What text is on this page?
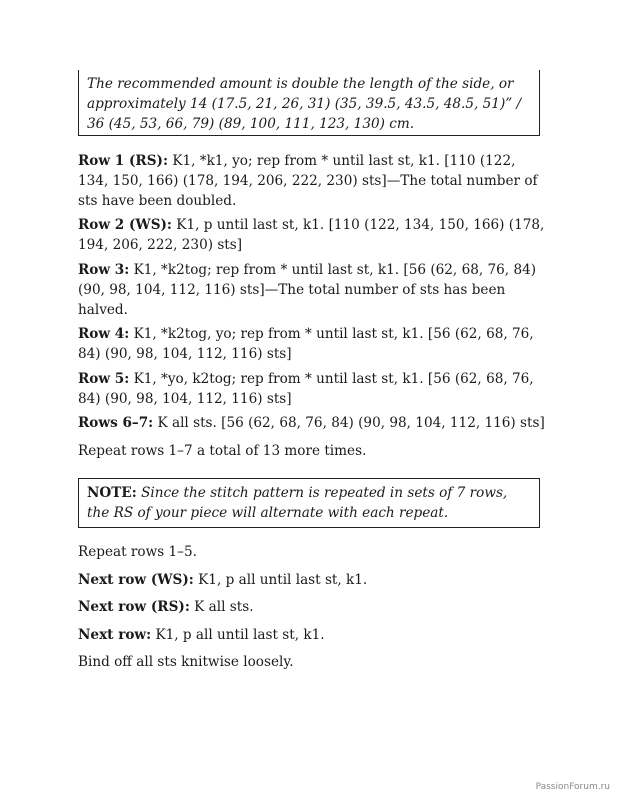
The recommended amount is double the length of the side, or approximately 14 (17.5, 21, 26, 31) (35, 39.5, 43.5, 48.5, 51)” / 36 (45, 53, 66, 79) (89, 100, 111, 123, 130) cm.

Row 1 (RS): K1, *k1, yo; rep from * until last st, k1. [110 (122, 134, 150, 166) (178, 194, 206, 222, 230) sts]—The total number of sts have been doubled.

Row 2 (WS): K1, p until last st, k1. [110 (122, 134, 150, 166) (178, 194, 206, 222, 230) sts]

Row 3: K1, *k2tog; rep from * until last st, k1. [56 (62, 68, 76, 84) (90, 98, 104, 112, 116) sts]—The total number of sts has been halved.

Row 4: K1, *k2tog, yo; rep from * until last st, k1. [56 (62, 68, 76, 84) (90, 98, 104, 112, 116) sts]

Row 5: K1, *yo, k2tog; rep from * until last st, k1. [56 (62, 68, 76, 84) (90, 98, 104, 112, 116) sts]

Rows 6–7: K all sts. [56 (62, 68, 76, 84) (90, 98, 104, 112, 116) sts]

Repeat rows 1–7 a total of 13 more times.

NOTE: Since the stitch pattern is repeated in sets of 7 rows, the RS of your piece will alternate with each repeat.

Repeat rows 1–5.

Next row (WS): K1, p all until last st, k1.

Next row (RS): K all sts.

Next row: K1, p all until last st, k1.

Bind off all sts knitwise loosely.

PassionForum.ru
